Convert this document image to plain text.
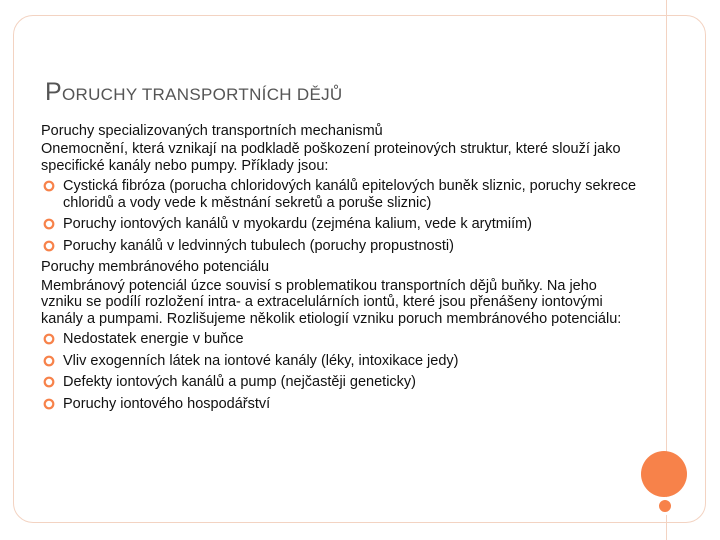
PORUCHY TRANSPORTNÍCH DĚJŮ

Poruchy specializovaných transportních mechanismů

Onemocnění, která vznikají na podkladě poškození proteinových struktur, které slouží jako specifické kanály nebo pumpy. Příklady jsou:

Cystická fibróza (porucha chloridových kanálů epitelových buněk sliznic, poruchy sekrece chloridů a vody vede k městnání sekretů a poruše sliznic)
Poruchy iontových kanálů v myokardu (zejména kalium, vede k arytmiím)
Poruchy kanálů v ledvinných tubulech (poruchy propustnosti)

Poruchy membránového potenciálu

Membránový potenciál úzce souvisí s problematikou transportních dějů buňky. Na jeho vzniku se podílí rozložení intra- a extracelulárních iontů, které jsou přenášeny iontovými kanály a pumpami. Rozlišujeme několik etiologií vzniku poruch membránového potenciálu:

Nedostatek energie v buňce
Vliv exogenních látek na iontové kanály (léky, intoxikace jedy)
Defekty iontových kanálů a pump (nejčastěji geneticky)
Poruchy iontového hospodářství
